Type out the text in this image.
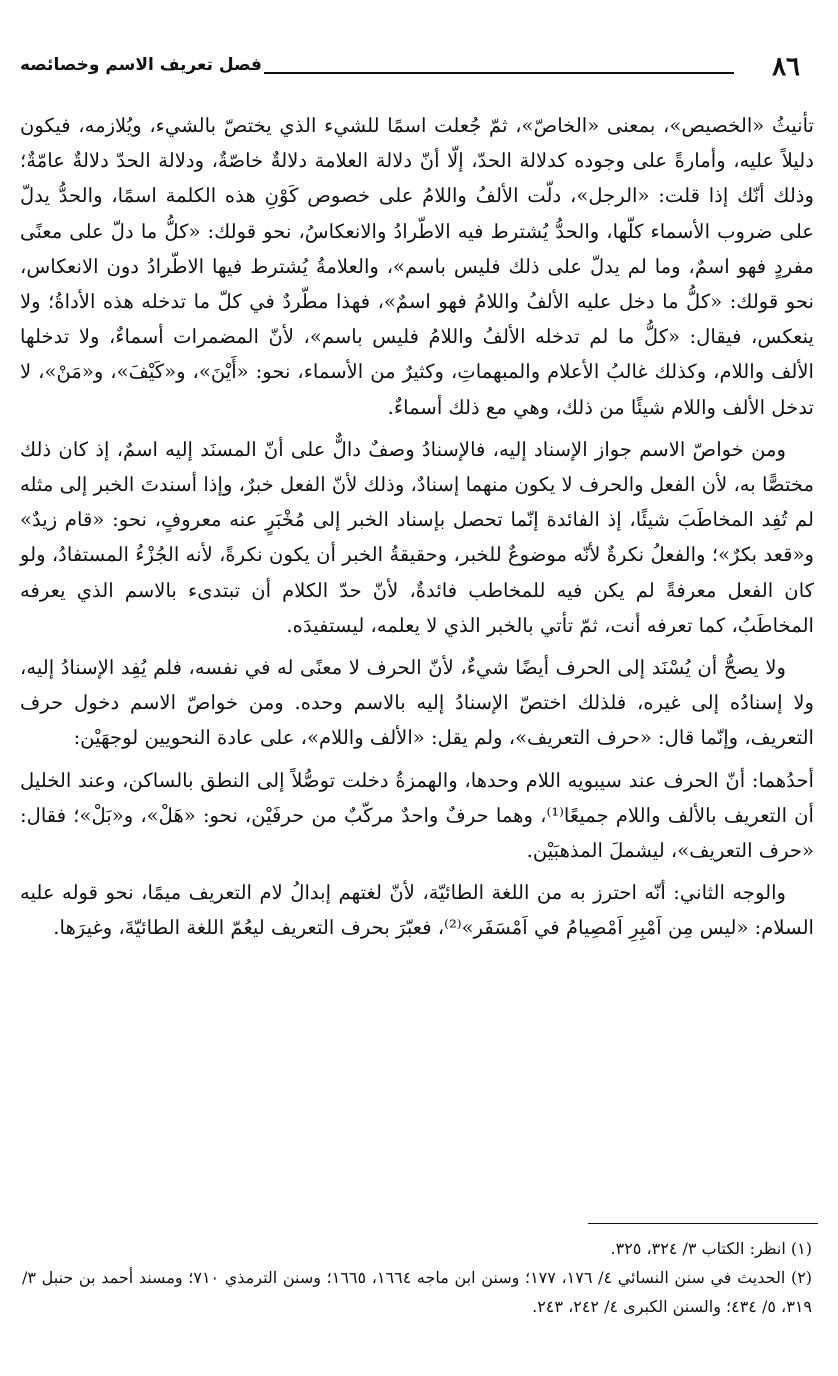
٨٦
فصل تعريف الاسم وخصائصه

تأنيثُ «الخصيص»، بمعنى «الخاصّ»، ثمّ جُعلت اسمًا للشيء الذي يختصّ بالشيء، ويُلازمه، فيكون دليلاً عليه، وأمارةً على وجوده كدلالة الحدّ، إلّا أنّ دلالة العلامة دلالةٌ خاصّةٌ، ودلالة الحدّ دلالةٌ عامّةٌ؛ وذلك أنّك إذا قلت: «الرجل»، دلّت الألفُ واللامُ على خصوص كَوْنِ هذه الكلمة اسمًا، والحدُّ يدلّ على ضروب الأسماء كلّها، والحدُّ يُشترط فيه الاطّرادُ والانعكاسُ، نحو قولك: «كلُّ ما دلّ على معنًى مفردٍ فهو اسمٌ، وما لم يدلّ على ذلك فليس باسم»، والعلامةُ يُشترط فيها الاطّرادُ دون الانعكاس، نحو قولك: «كلُّ ما دخل عليه الألفُ واللامُ فهو اسمٌ»، فهذا مطّردٌ في كلّ ما تدخله هذه الأداةُ؛ ولا ينعكس، فيقال: «كلُّ ما لم تدخله الألفُ واللامُ فليس باسم»، لأنّ المضمرات أسماءٌ، ولا تدخلها الألف واللام، وكذلك غالبُ الأعلام والمبهماتِ، وكثيرٌ من الأسماء، نحو: «أَيْنَ»، و«كَيْفَ»، و«مَنْ»، لا تدخل الألف واللام شيئًا من ذلك، وهي مع ذلك أسماءٌ.

ومن خواصّ الاسم جواز الإسناد إليه، فالإسنادُ وصفٌ دالٌّ على أنّ المسنَد إليه اسمٌ، إذ كان ذلك مختصًّا به، لأن الفعل والحرف لا يكون منهما إسنادٌ، وذلك لأنّ الفعل خبرٌ، وإذا أسندتَ الخبر إلى مثله لم تُفِد المخاطَبَ شيئًا، إذ الفائدة إنّما تحصل بإسناد الخبر إلى مُخْبَرٍ عنه معروفٍ، نحو: «قام زيدٌ» و«قعد بكرٌ»؛ والفعلُ نكرةٌ لأنّه موضوعٌ للخبر، وحقيقةُ الخبر أن يكون نكرةً، لأنه الجُزْءُ المستفادُ، ولو كان الفعل معرفةً لم يكن فيه للمخاطب فائدةٌ، لأنّ حدّ الكلام أن تبتدىء بالاسم الذي يعرفه المخاطَبُ، كما تعرفه أنت، ثمّ تأتي بالخبر الذي لا يعلمه، ليستفيدَه.

ولا يصحُّ أن يُسْنَد إلى الحرف أيضًا شيءٌ، لأنّ الحرف لا معنًى له في نفسه، فلم يُفِد الإسنادُ إليه، ولا إسنادُه إلى غيره، فلذلك اختصّ الإسنادُ إليه بالاسم وحده. ومن خواصّ الاسم دخول حرف التعريف، وإنّما قال: «حرف التعريف»، ولم يقل: «الألف واللام»، على عادة النحويين لوجهَيْن:

أحدُهما: أنّ الحرف عند سيبويه اللام وحدها، والهمزةُ دخلت توصُّلاً إلى النطق بالساكن، وعند الخليل أن التعريف بالألف واللام جميعًا⁽¹⁾، وهما حرفٌ واحدٌ مركّبٌ من حرفَيْن، نحو: «هَلْ»، و«بَلْ»؛ فقال: «حرف التعريف»، ليشملَ المذهبَيْن.

والوجه الثاني: أنّه احترز به من اللغة الطائيّة، لأنّ لغتهم إبدالُ لام التعريف ميمًا، نحو قوله عليه السلام: «ليس مِن اَمْبِرِ اَمْصِيامُ في اَمْسَفَر»⁽²⁾، فعبّرَ بحرف التعريف ليعُمّ اللغة الطائيّةَ، وغيرَها.

(١) انظر: الكتاب ٣/ ٣٢٤، ٣٢٥.

(٢) الحديث في سنن النسائي ٤/ ١٧٦، ١٧٧؛ وسنن ابن ماجه ١٦٦٤، ١٦٦٥؛ وسنن الترمذي ٧١٠؛ ومسند أحمد بن حنبل ٣/ ٣١٩، ٥/ ٤٣٤؛ والسنن الكبرى ٤/ ٢٤٢، ٢٤٣.
